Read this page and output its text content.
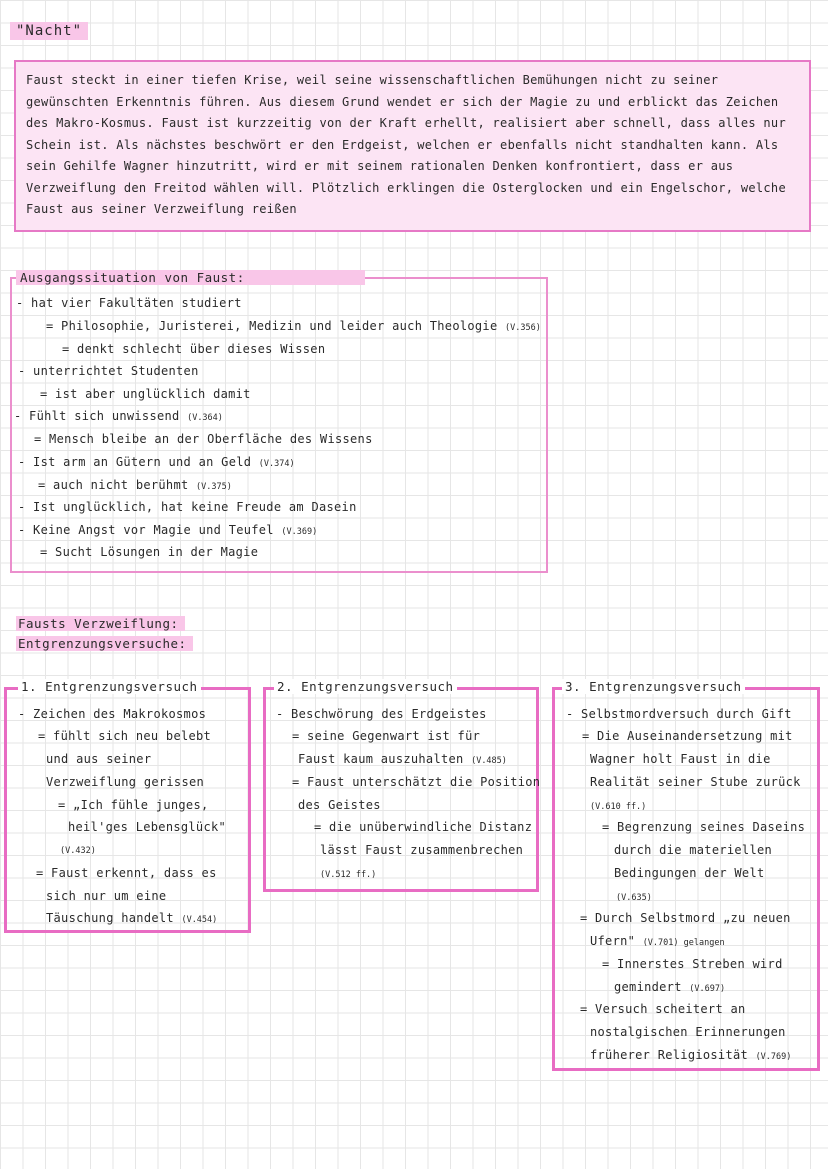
"Nacht"
Faust steckt in einer tiefen Krise, weil seine wissenschaftlichen Bemühungen nicht zu seiner gewünschten Erkenntnis führen. Aus diesem Grund wendet er sich der Magie zu und erblickt das Zeichen des Makro-Kosmus. Faust ist kurzzeitig von der Kraft erhellt, realisiert aber schnell, dass alles nur Schein ist. Als nächstes beschwört er den Erdgeist, welchen er ebenfalls nicht standhalten kann. Als sein Gehilfe Wagner hinzutritt, wird er mit seinem rationalen Denken konfrontiert, dass er aus Verzweiflung den Freitod wählen will. Plötzlich erklingen die Osterglocken und ein Engelschor, welche Faust aus seiner Verzweiflung reißen
Ausgangssituation von Faust:
- hat vier Fakultäten studiert
= Philosophie, Juristerei, Medizin und leider auch Theologie (V.356)
= denkt schlecht über dieses Wissen
- unterrichtet Studenten
= ist aber unglücklich damit
- Fühlt sich unwissend (V.364)
= Mensch bleibe an der Oberfläche des Wissens
- Ist arm an Gütern und an Geld (V.374)
= auch nicht berühmt (V.375)
- Ist unglücklich, hat keine Freude am Dasein
- Keine Angst vor Magie und Teufel (V.369)
= Sucht Lösungen in der Magie
Fausts Verzweiflung:
Entgrenzungsversuche:
1. Entgrenzungsversuch
- Zeichen des Makrokosmos
= fühlt sich neu belebt
und aus seiner
Verzweiflung gerissen
= „Ich fühle junges,
heil'ges Lebensglück"
(V.432)
= Faust erkennt, dass es
sich nur um eine
Täuschung handelt (V.454)
2. Entgrenzungsversuch
- Beschwörung des Erdgeistes
= seine Gegenwart ist für
Faust kaum auszuhalten (V.485)
= Faust unterschätzt die Position
des Geistes
= die unüberwindliche Distanz
lässt Faust zusammenbrechen
(V.512 ff.)
3. Entgrenzungsversuch
- Selbstmordversuch durch Gift
= Die Auseinandersetzung mit
Wagner holt Faust in die
Realität seiner Stube zurück
(V.610 ff.)
= Begrenzung seines Daseins
durch die materiellen
Bedingungen der Welt
(V.635)
= Durch Selbstmord „zu neuen
Ufern" (V.701) gelangen
= Innerstes Streben wird
gemindert (V.697)
= Versuch scheitert an
nostalgischen Erinnerungen
früherer Religiosität (V.769)
